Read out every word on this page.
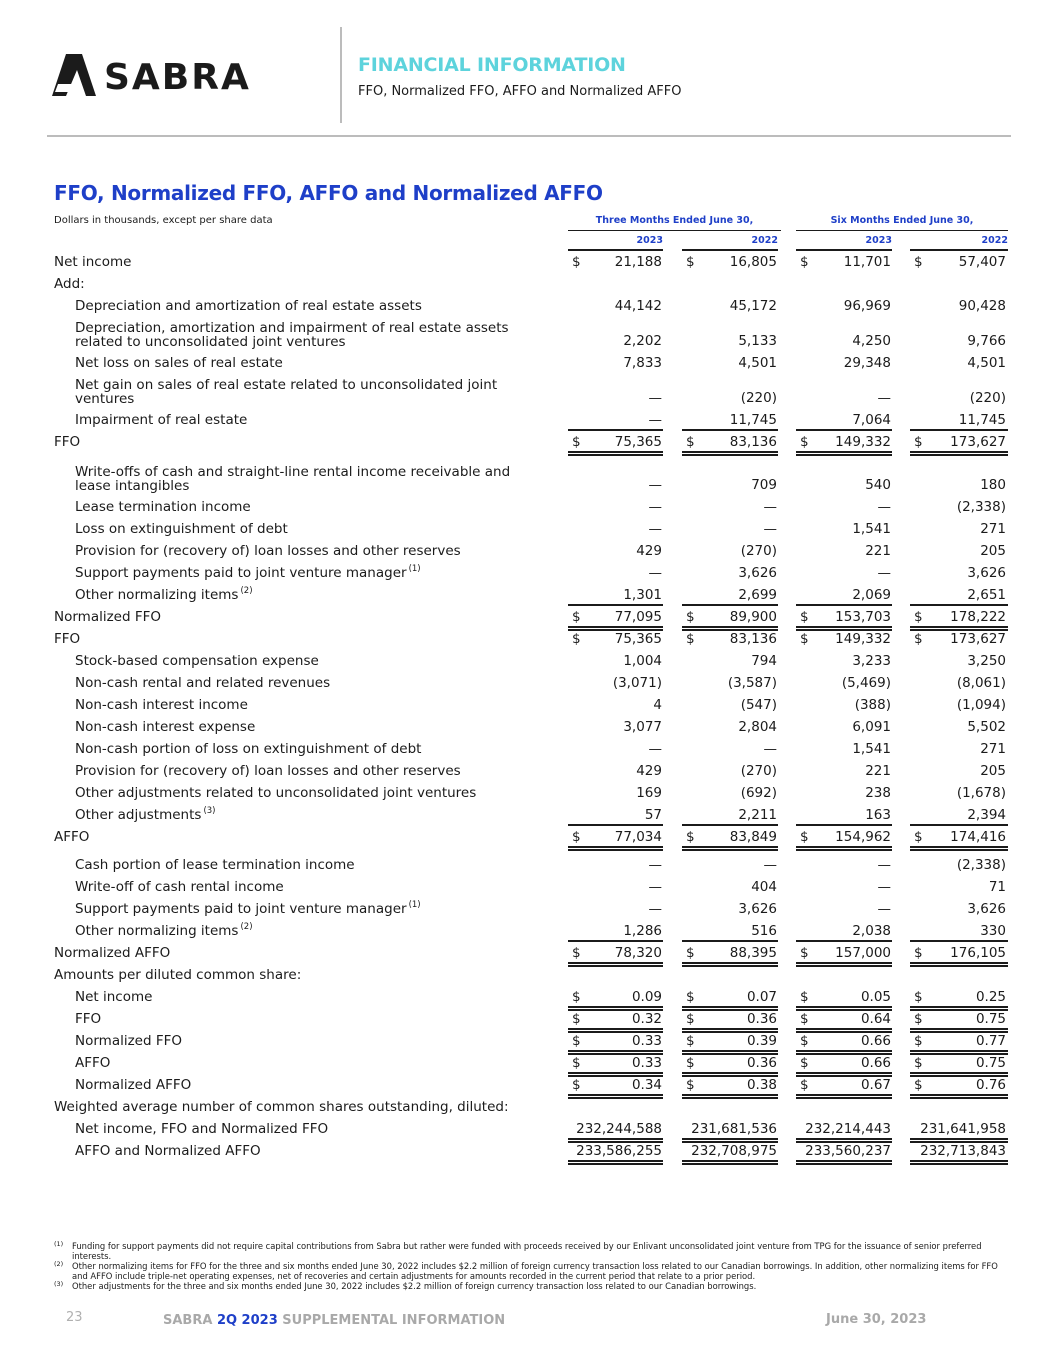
SABRA	FINANCIAL INFORMATION
FFO, Normalized FFO, AFFO and Normalized AFFO
FFO, Normalized FFO, AFFO and Normalized AFFO
Dollars in thousands, except per share data	Three Months Ended June 30,	Six Months Ended June 30,
2023	2022	2023	2022
Net income	$	21,188 $	16,805 $	11,701 $	57,407
Add:
Depreciation and amortization of real estate assets	44,142	45,172	96,969	90,428
Depreciation, amortization and impairment of real estate assets
related to unconsolidated joint ventures	2,202	5,133	4,250	9,766
Net loss on sales of real estate	7,833	4,501	29,348	4,501
Net gain on sales of real estate related to unconsolidated joint
ventures	—	(220)	—	(220)
Impairment of real estate	—	11,745	7,064	11,745
FFO	$	75,365 $	83,136 $ 149,332 $ 173,627
Write-offs of cash and straight-line rental income receivable and
lease intangibles	—	709	540	180
Lease termination income	—	—	—	(2,338)
Loss on extinguishment of debt	—	—	1,541	271
Provision for (recovery of) loan losses and other reserves	429	(270)	221	205
Support payments paid to joint venture manager $^{(1)}$	—	3,626	—	3,626
Other normalizing items $^{(2)}$	1,301	2,699	2,069	2,651
Normalized FFO	$	77,095 $	89,900 $ 153,703 $ 178,222
FFO	$	75,365 $	83,136 $ 149,332 $ 173,627
Stock-based compensation expense	1,004	794	3,233	3,250
Non-cash rental and related revenues	(3,071)	(3,587)	(5,469)	(8,061)
Non-cash interest income	4	(547)	(388)	(1,094)
Non-cash interest expense	3,077	2,804	6,091	5,502
Non-cash portion of loss on extinguishment of debt	—	—	1,541	271
Provision for (recovery of) loan losses and other reserves	429	(270)	221	205
Other adjustments related to unconsolidated joint ventures	169	(692)	238	(1,678)
Other adjustments $^{(3)}$	57	2,211	163	2,394
AFFO	$	77,034 $	83,849 $ 154,962 $ 174,416
Cash portion of lease termination income	—	—	—	(2,338)
Write-off of cash rental income	—	404	—	71
Support payments paid to joint venture manager $^{(1)}$	—	3,626	—	3,626
Other normalizing items $^{(2)}$	1,286	516	2,038	330
Normalized AFFO	$	78,320 $	88,395 $ 157,000 $ 176,105
Amounts per diluted common share:
Net income	$	0.09 $	0.07 $	0.05 $	0.25
FFO	$	0.32 $	0.36 $	0.64 $	0.75
Normalized FFO	$	0.33 $	0.39 $	0.66 $	0.77
AFFO	$	0.33 $	0.36 $	0.66 $	0.75
Normalized AFFO	$	0.34 $	0.38 $	0.67 $	0.76
Weighted average number of common shares outstanding, diluted:
Net income, FFO and Normalized FFO	232,244,588 231,681,536 232,214,443 231,641,958
AFFO and Normalized AFFO	233,586,255 232,708,975 233,560,237 232,713,843
(1) Funding for support payments did not require capital contributions from Sabra but rather were funded with proceeds received by our Enlivant unconsolidated joint venture from TPG for the issuance of senior preferred interests.
(2) Other normalizing items for FFO for the three and six months ended June 30, 2022 includes $2.2 million of foreign currency transaction loss related to our Canadian borrowings. In addition, other normalizing items for FFO and AFFO include triple-net operating expenses, net of recoveries and certain adjustments for amounts recorded in the current period that relate to a prior period.
(3) Other adjustments for the three and six months ended June 30, 2022 includes $2.2 million of foreign currency transaction loss related to our Canadian borrowings.
23	SABRA 2Q 2023 SUPPLEMENTAL INFORMATION	June 30, 2023
